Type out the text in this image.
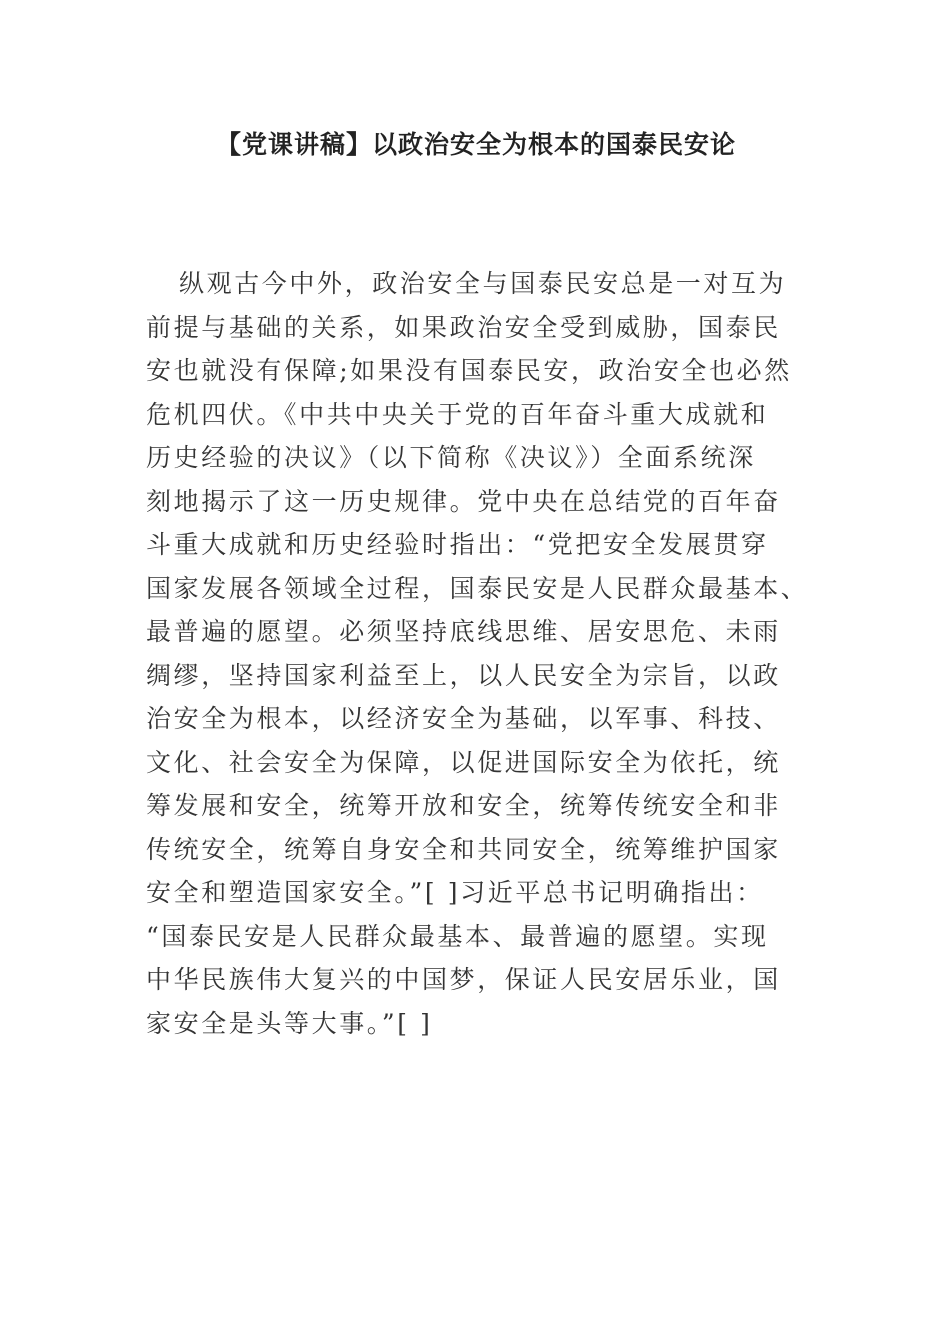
【党课讲稿】以政治安全为根本的国泰民安论
纵观古今中外，政治安全与国泰民安总是一对互为
前提与基础的关系，如果政治安全受到威胁，国泰民
安也就没有保障;如果没有国泰民安，政治安全也必然
危机四伏。《中共中央关于党的百年奋斗重大成就和
历史经验的决议》（以下简称《决议》）全面系统深
刻地揭示了这一历史规律。党中央在总结党的百年奋
斗重大成就和历史经验时指出：“党把安全发展贯穿
国家发展各领域全过程，国泰民安是人民群众最基本、
最普遍的愿望。必须坚持底线思维、居安思危、未雨
绸缪，坚持国家利益至上，以人民安全为宗旨，以政
治安全为根本，以经济安全为基础，以军事、科技、
文化、社会安全为保障，以促进国际安全为依托，统
筹发展和安全，统筹开放和安全，统筹传统安全和非
传统安全，统筹自身安全和共同安全，统筹维护国家
安全和塑造国家安全。”[ ]习近平总书记明确指出：
“国泰民安是人民群众最基本、最普遍的愿望。实现
中华民族伟大复兴的中国梦，保证人民安居乐业，国
家安全是头等大事。”[ ]
